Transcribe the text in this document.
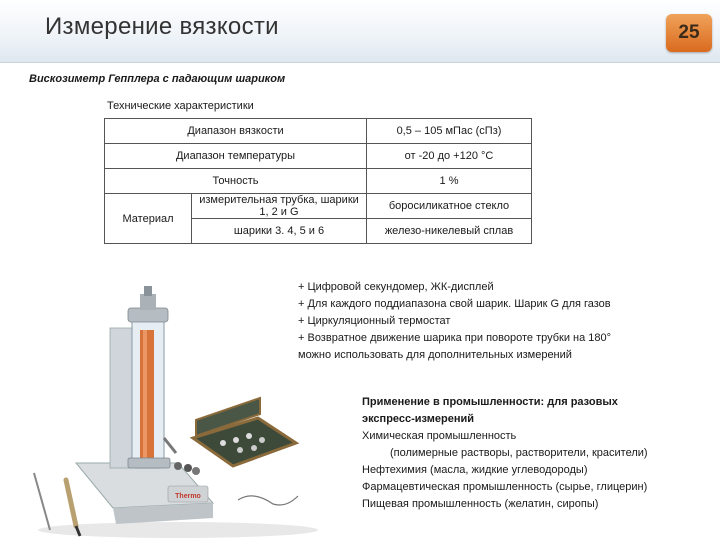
Измерение вязкости	25
Вискозиметр Гепплера с падающим шариком
Технические характеристики
Диапазон вязкости		0,5 – 105 мПас (сПз)
Диапазон температуры		от -20 до +120 °С
Точность		1 %
Материал	измерительная трубка, шарики 1, 2 и G	боросиликатное стекло
	шарики 3. 4, 5 и 6	железо-никелевый сплав
+ Цифровой секундомер, ЖК-дисплей
+ Для каждого поддиапазона свой шарик. Шарик G для газов
+ Циркуляционный термостат
+ Возвратное движение шарика при повороте трубки на 180°
можно использовать для дополнительных измерений
Применение в промышленности: для разовых
экспресс-измерений
Химическая промышленность
(полимерные растворы, растворители, красители)
Нефтехимия (масла, жидкие углеводороды)
Фармацевтическая промышленность (сырье, глицерин)
Пищевая промышленность (желатин, сиропы)
Thermo
